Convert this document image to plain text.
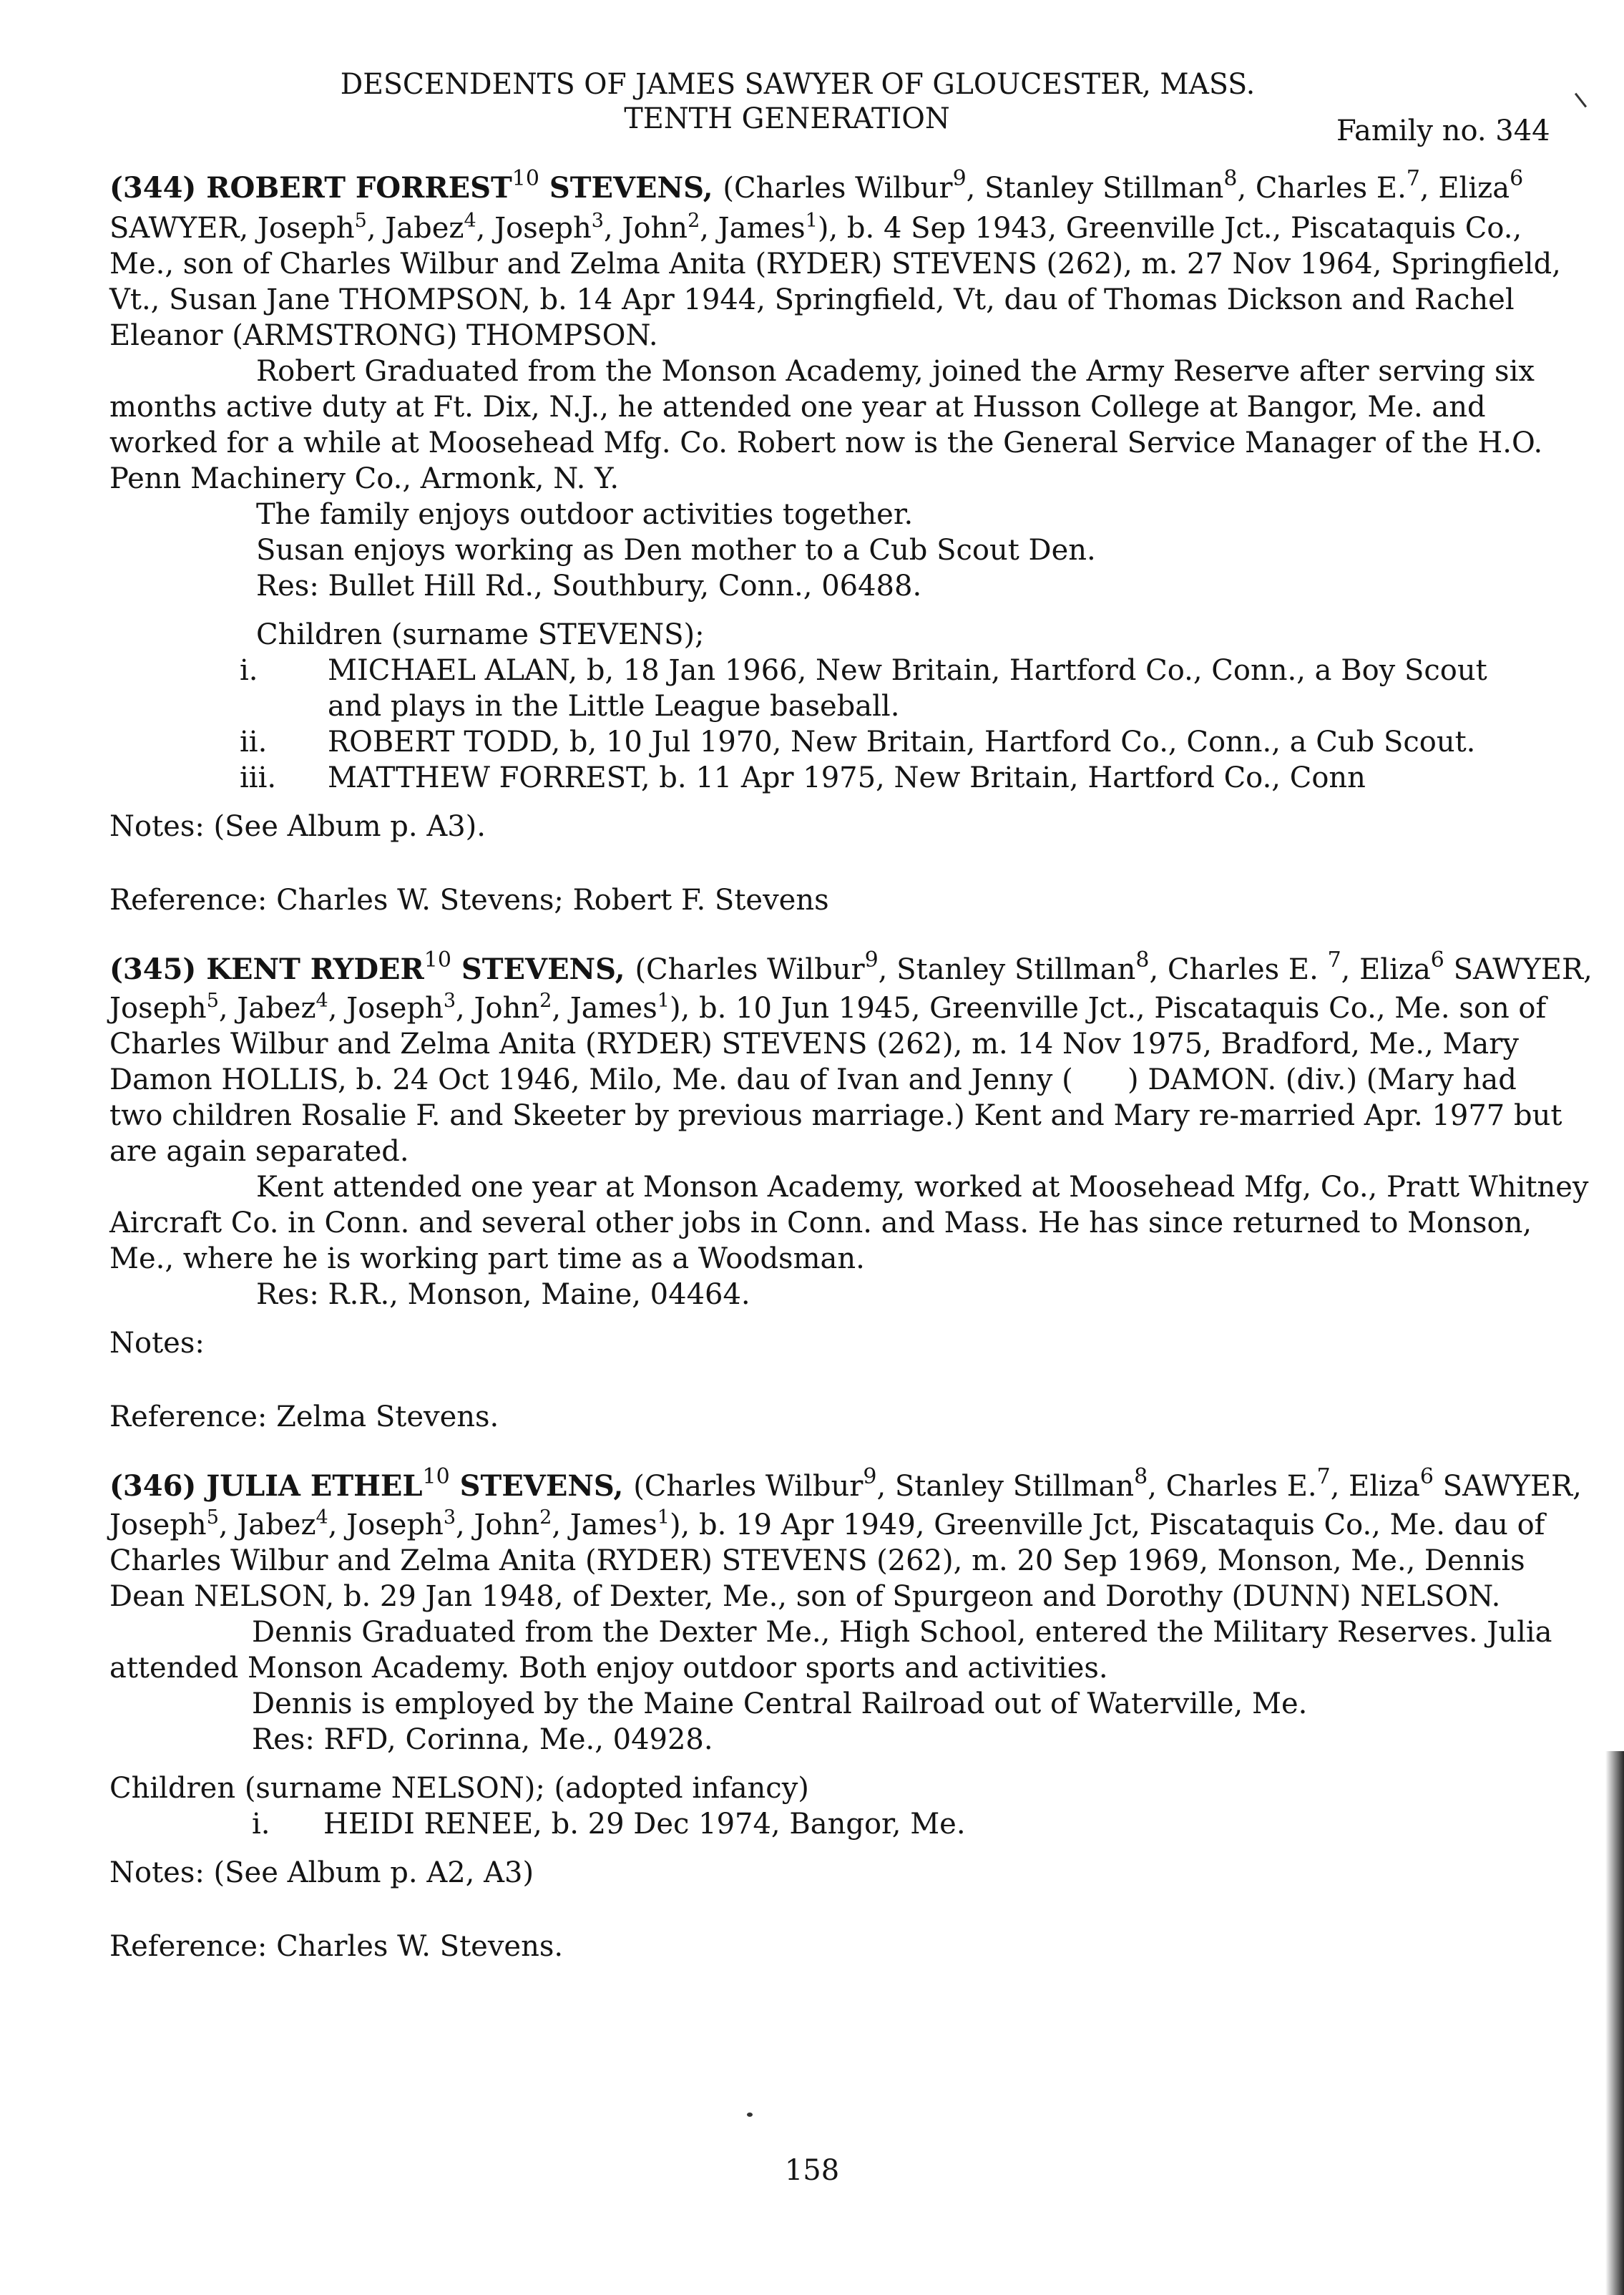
DESCENDENTS OF JAMES SAWYER OF GLOUCESTER, MASS.
TENTH GENERATION	Family no. 344
(344) ROBERT FORREST$^{10}$ STEVENS, (Charles Wilbur$^9$, Stanley Stillman$^8$, Charles E.$^7$, Eliza$^6$
SAWYER, Joseph$^5$, Jabez$^4$, Joseph$^3$, John$^2$, James$^1$), b. 4 Sep 1943, Greenville Jct., Piscataquis Co.,
Me., son of Charles Wilbur and Zelma Anita (RYDER) STEVENS (262), m. 27 Nov 1964, Springfield,
Vt., Susan Jane THOMPSON, b. 14 Apr 1944, Springfield, Vt, dau of Thomas Dickson and Rachel
Eleanor (ARMSTRONG) THOMPSON.
Robert Graduated from the Monson Academy, joined the Army Reserve after serving six
months active duty at Ft. Dix, N.J., he attended one year at Husson College at Bangor, Me. and
worked for a while at Moosehead Mfg. Co. Robert now is the General Service Manager of the H.O.
Penn Machinery Co., Armonk, N. Y.
The family enjoys outdoor activities together.
Susan enjoys working as Den mother to a Cub Scout Den.
Res: Bullet Hill Rd., Southbury, Conn., 06488.
Children (surname STEVENS);
i. MICHAEL ALAN, b, 18 Jan 1966, New Britain, Hartford Co., Conn., a Boy Scout
and plays in the Little League baseball.
ii. ROBERT TODD, b, 10 Jul 1970, New Britain, Hartford Co., Conn., a Cub Scout.
iii. MATTHEW FORREST, b. 11 Apr 1975, New Britain, Hartford Co., Conn
Notes: (See Album p. A3).
Reference: Charles W. Stevens; Robert F. Stevens
(345) KENT RYDER$^{10}$ STEVENS, (Charles Wilbur$^9$, Stanley Stillman$^8$, Charles E. $^7$, Eliza$^6$ SAWYER,
Joseph$^5$, Jabez$^4$, Joseph$^3$, John$^2$, James$^1$), b. 10 Jun 1945, Greenville Jct., Piscataquis Co., Me. son of
Charles Wilbur and Zelma Anita (RYDER) STEVENS (262), m. 14 Nov 1975, Bradford, Me., Mary
Damon HOLLIS, b. 24 Oct 1946, Milo, Me. dau of Ivan and Jenny (      ) DAMON. (div.) (Mary had
two children Rosalie F. and Skeeter by previous marriage.) Kent and Mary re-married Apr. 1977 but
are again separated.
Kent attended one year at Monson Academy, worked at Moosehead Mfg, Co., Pratt Whitney
Aircraft Co. in Conn. and several other jobs in Conn. and Mass. He has since returned to Monson,
Me., where he is working part time as a Woodsman.
Res: R.R., Monson, Maine, 04464.
Notes:
Reference: Zelma Stevens.
(346) JULIA ETHEL$^{10}$ STEVENS, (Charles Wilbur$^9$, Stanley Stillman$^8$, Charles E.$^7$, Eliza$^6$ SAWYER,
Joseph$^5$, Jabez$^4$, Joseph$^3$, John$^2$, James$^1$), b. 19 Apr 1949, Greenville Jct, Piscataquis Co., Me. dau of
Charles Wilbur and Zelma Anita (RYDER) STEVENS (262), m. 20 Sep 1969, Monson, Me., Dennis
Dean NELSON, b. 29 Jan 1948, of Dexter, Me., son of Spurgeon and Dorothy (DUNN) NELSON.
Dennis Graduated from the Dexter Me., High School, entered the Military Reserves. Julia
attended Monson Academy. Both enjoy outdoor sports and activities.
Dennis is employed by the Maine Central Railroad out of Waterville, Me.
Res: RFD, Corinna, Me., 04928.
Children (surname NELSON); (adopted infancy)
i. HEIDI RENEE, b. 29 Dec 1974, Bangor, Me.
Notes: (See Album p. A2, A3)
Reference: Charles W. Stevens.
158
